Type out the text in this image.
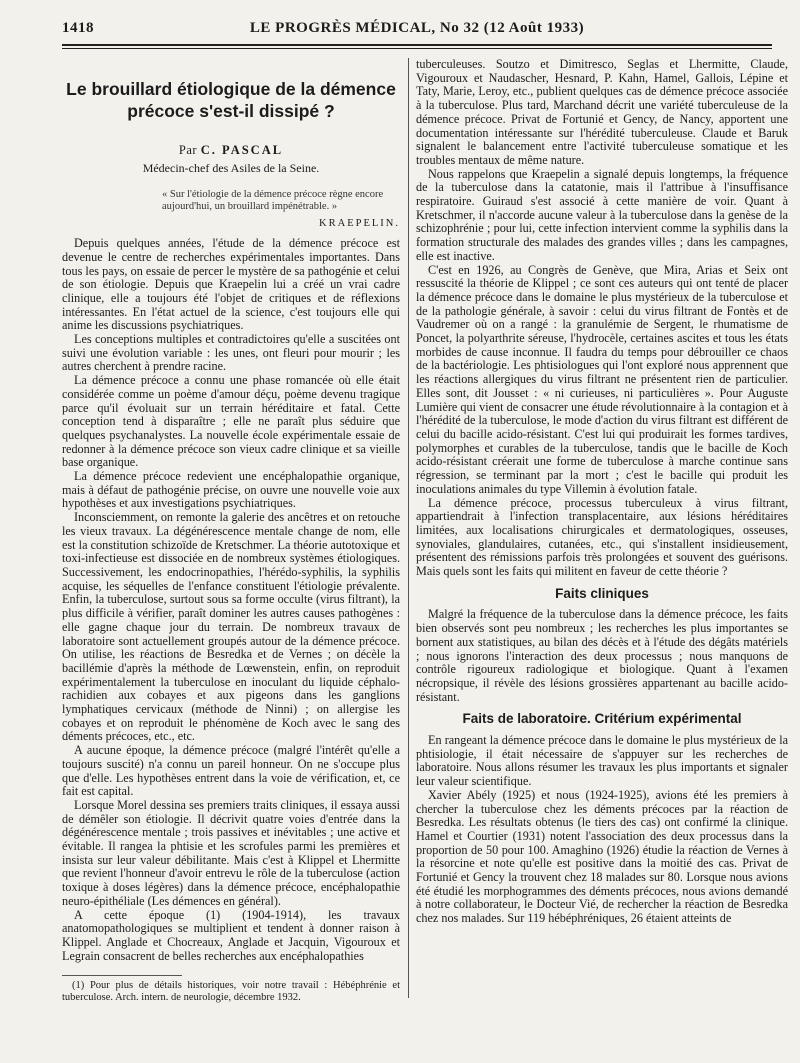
1418	LE PROGRÈS MÉDICAL, No 32 (12 Août 1933)
Le brouillard étiologique de la démence précoce s'est-il dissipé ?
Par C. PASCAL
Médecin-chef des Asiles de la Seine.
« Sur l'étiologie de la démence précoce règne encore aujourd'hui, un brouillard impénétrable. »
KRAEPELIN.

Depuis quelques années, l'étude de la démence précoce est devenue le centre de recherches expérimentales importantes. Dans tous les pays, on essaie de percer le mystère de sa pathogénie et celui de son étiologie. Depuis que Kraepelin lui a créé un vrai cadre clinique, elle a toujours été l'objet de critiques et de réflexions intéressantes. En l'état actuel de la science, c'est toujours elle qui anime les discussions psychiatriques.

Les conceptions multiples et contradictoires qu'elle a suscitées ont suivi une évolution variable : les unes, ont fleuri pour mourir ; les autres cherchent à prendre racine.

La démence précoce a connu une phase romancée où elle était considérée comme un poème d'amour déçu, poème devenu tragique parce qu'il évoluait sur un terrain héréditaire et fatal. Cette conception tend à disparaître ; elle ne paraît plus séduire que quelques psychanalystes. La nouvelle école expérimentale essaie de redonner à la démence précoce son vieux cadre clinique et sa vieille base organique.

La démence précoce redevient une encéphalopathie organique, mais à défaut de pathogénie précise, on ouvre une nouvelle voie aux hypothèses et aux investigations psychiatriques.

Inconsciemment, on remonte la galerie des ancêtres et on retouche les vieux travaux. La dégénérescence mentale change de nom, elle est la constitution schizoïde de Kretschmer. La théorie autotoxique et toxi-infectieuse est dissociée en de nombreux systèmes étiologiques. Successivement, les endocrinopathies, l'hérédo-syphilis, la syphilis acquise, les séquelles de l'enfance constituent l'étiologie prévalente. Enfin, la tuberculose, surtout sous sa forme occulte (virus filtrant), la plus difficile à vérifier, paraît dominer les autres causes pathogènes : elle gagne chaque jour du terrain. De nombreux travaux de laboratoire sont actuellement groupés autour de la démence précoce. On utilise, les réactions de Besredka et de Vernes ; on décèle la bacillémie d'après la méthode de Lœwenstein, enfin, on reproduit expérimentalement la tuberculose en inoculant du liquide céphalo-rachidien aux cobayes et aux pigeons dans les ganglions lymphatiques cervicaux (méthode de Ninni) ; on allergise les cobayes et on reproduit le phénomène de Koch avec le sang des déments précoces, etc., etc.

A aucune époque, la démence précoce (malgré l'intérêt qu'elle a toujours suscité) n'a connu un pareil honneur. On ne s'occupe plus que d'elle. Les hypothèses entrent dans la voie de vérification, et, ce fait est capital.

Lorsque Morel dessina ses premiers traits cliniques, il essaya aussi de démêler son étiologie. Il décrivit quatre voies d'entrée dans la dégénérescence mentale ; trois passives et inévitables ; une active et évitable. Il rangea la phtisie et les scrofules parmi les premières et insista sur leur valeur débilitante. Mais c'est à Klippel et Lhermitte que revient l'honneur d'avoir entrevu le rôle de la tuberculose (action toxique à doses légères) dans la démence précoce, encéphalopathie neuro-épithéliale (Les démences en général).

A cette époque (1) (1904-1914), les travaux anatomopathologiques se multiplient et tendent à donner raison à Klippel. Anglade et Chocreaux, Anglade et Jacquin, Vigouroux et Legrain consacrent de belles recherches aux encéphalopathies

(1) Pour plus de détails historiques, voir notre travail : Hébéphrénie et tuberculose. Arch. intern. de neurologie, décembre 1932.

tuberculeuses. Soutzo et Dimitresco, Seglas et Lhermitte, Claude, Vigouroux et Naudascher, Hesnard, P. Kahn, Hamel, Gallois, Lépine et Taty, Marie, Leroy, etc., publient quelques cas de démence précoce associée à la tuberculose. Plus tard, Marchand décrit une variété tuberculeuse de la démence précoce. Privat de Fortunié et Gency, de Nancy, apportent une documentation intéressante sur l'hérédité tuberculeuse. Claude et Baruk signalent le balancement entre l'activité tuberculeuse somatique et les troubles mentaux de même nature.

Nous rappelons que Kraepelin a signalé depuis longtemps, la fréquence de la tuberculose dans la catatonie, mais il l'attribue à l'insuffisance respiratoire. Guiraud s'est associé à cette manière de voir. Quant à Kretschmer, il n'accorde aucune valeur à la tuberculose dans la genèse de la schizophrénie ; pour lui, cette infection intervient comme la syphilis dans la formation structurale des malades des grandes villes ; dans les campagnes, elle est inactive.

C'est en 1926, au Congrès de Genève, que Mira, Arias et Seix ont ressuscité la théorie de Klippel ; ce sont ces auteurs qui ont tenté de placer la démence précoce dans le domaine le plus mystérieux de la tuberculose et de la pathologie générale, à savoir : celui du virus filtrant de Fontès et de Vaudremer où on a rangé : la granulémie de Sergent, le rhumatisme de Poncet, la polyarthrite séreuse, l'hydrocèle, certaines ascites et tous les états morbides de cause inconnue. Il faudra du temps pour débrouiller ce chaos de la bactériologie. Les phtisiologues qui l'ont exploré nous apprennent que les réactions allergiques du virus filtrant ne présentent rien de particulier. Elles sont, dit Jousset : « ni curieuses, ni particulières ». Pour Auguste Lumière qui vient de consacrer une étude révolutionnaire à la contagion et à l'hérédité de la tuberculose, le mode d'action du virus filtrant est différent de celui du bacille acido-résistant. C'est lui qui produirait les formes tardives, polymorphes et curables de la tuberculose, tandis que le bacille de Koch acido-résistant créerait une forme de tuberculose à marche continue sans régression, se terminant par la mort ; c'est le bacille qui produit les inoculations animales du type Villemin à évolution fatale.

La démence précoce, processus tuberculeux à virus filtrant, appartiendrait à l'infection transplacentaire, aux lésions héréditaires limitées, aux localisations chirurgicales et dermatologiques, osseuses, synoviales, glandulaires, cutanées, etc., qui s'installent insidieusement, présentent des rémissions parfois très prolongées et souvent des guérisons. Mais quels sont les faits qui militent en faveur de cette théorie ?

Faits cliniques

Malgré la fréquence de la tuberculose dans la démence précoce, les faits bien observés sont peu nombreux ; les recherches les plus importantes se bornent aux statistiques, au bilan des décès et à l'étude des dégâts matériels ; nous ignorons l'interaction des deux processus ; nous manquons de contrôle rigoureux radiologique et biologique. Quant à l'examen nécropsique, il révèle des lésions grossières appartenant au bacille acido-résistant.

Faits de laboratoire. Critérium expérimental

En rangeant la démence précoce dans le domaine le plus mystérieux de la phtisiologie, il était nécessaire de s'appuyer sur les recherches de laboratoire. Nous allons résumer les travaux les plus importants et signaler leur valeur scientifique.

Xavier Abély (1925) et nous (1924-1925), avions été les premiers à chercher la tuberculose chez les déments précoces par la réaction de Besredka. Les résultats obtenus (le tiers des cas) ont confirmé la clinique. Hamel et Courtier (1931) notent l'association des deux processus dans la proportion de 50 pour 100. Amaghino (1926) étudie la réaction de Vernes à la résorcine et note qu'elle est positive dans la moitié des cas. Privat de Fortunié et Gency la trouvent chez 18 malades sur 80. Lorsque nous avions été étudié les morphogrammes des déments précoces, nous avions demandé à notre collaborateur, le Docteur Vié, de rechercher la réaction de Besredka chez nos malades. Sur 119 hébéphréniques, 26 étaient atteints de
